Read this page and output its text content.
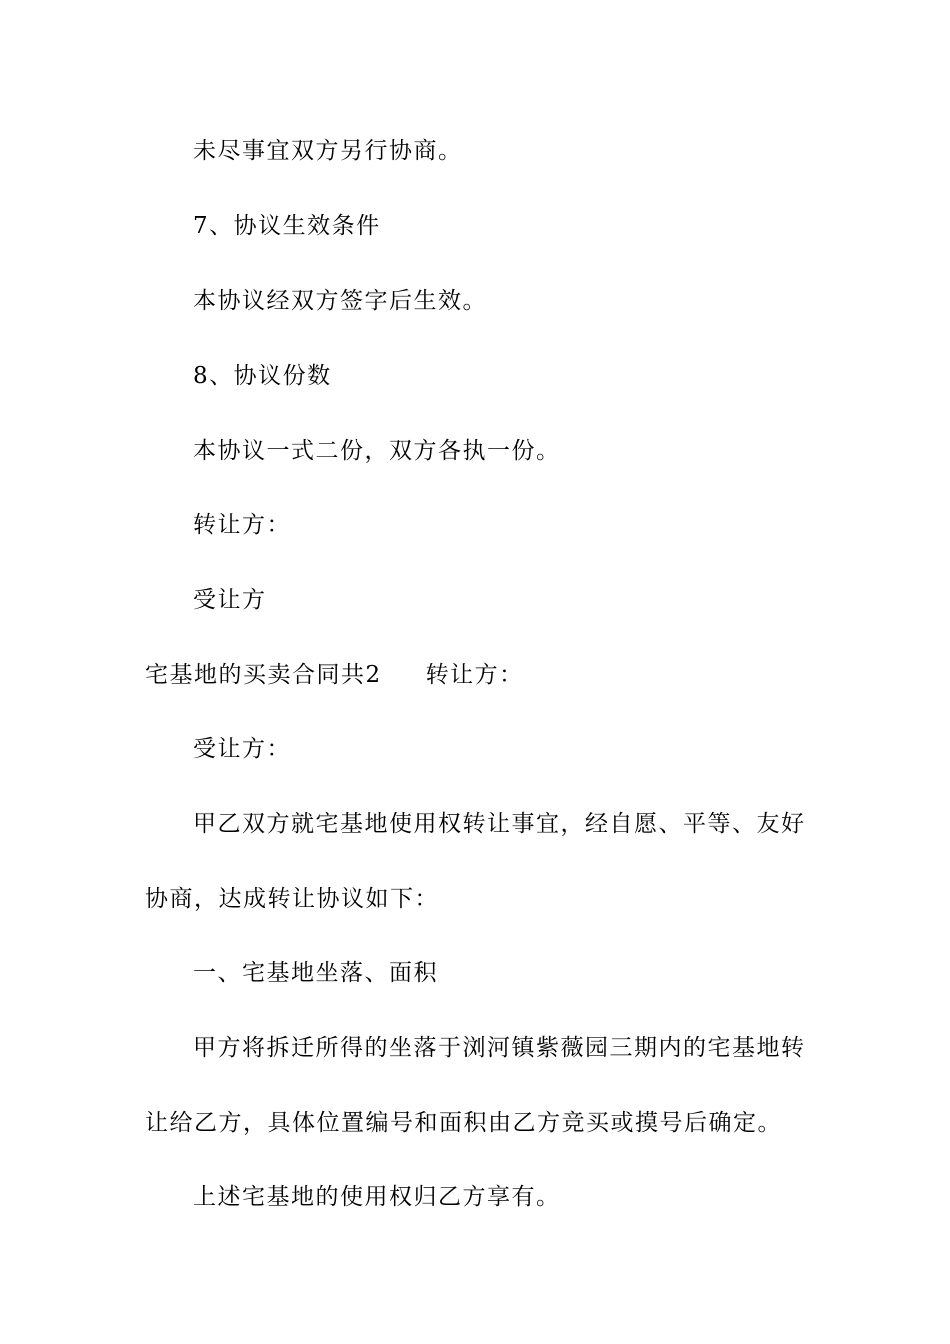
未尽事宜双方另行协商。

7、协议生效条件

本协议经双方签字后生效。

8、协议份数

本协议一式二份，双方各执一份。

转让方：

受让方

宅基地的买卖合同共2 转让方：

受让方：

甲乙双方就宅基地使用权转让事宜，经自愿、平等、友好

协商，达成转让协议如下：

一、宅基地坐落、面积

甲方将拆迁所得的坐落于浏河镇紫薇园三期内的宅基地转

让给乙方，具体位置编号和面积由乙方竞买或摸号后确定。

上述宅基地的使用权归乙方享有。
